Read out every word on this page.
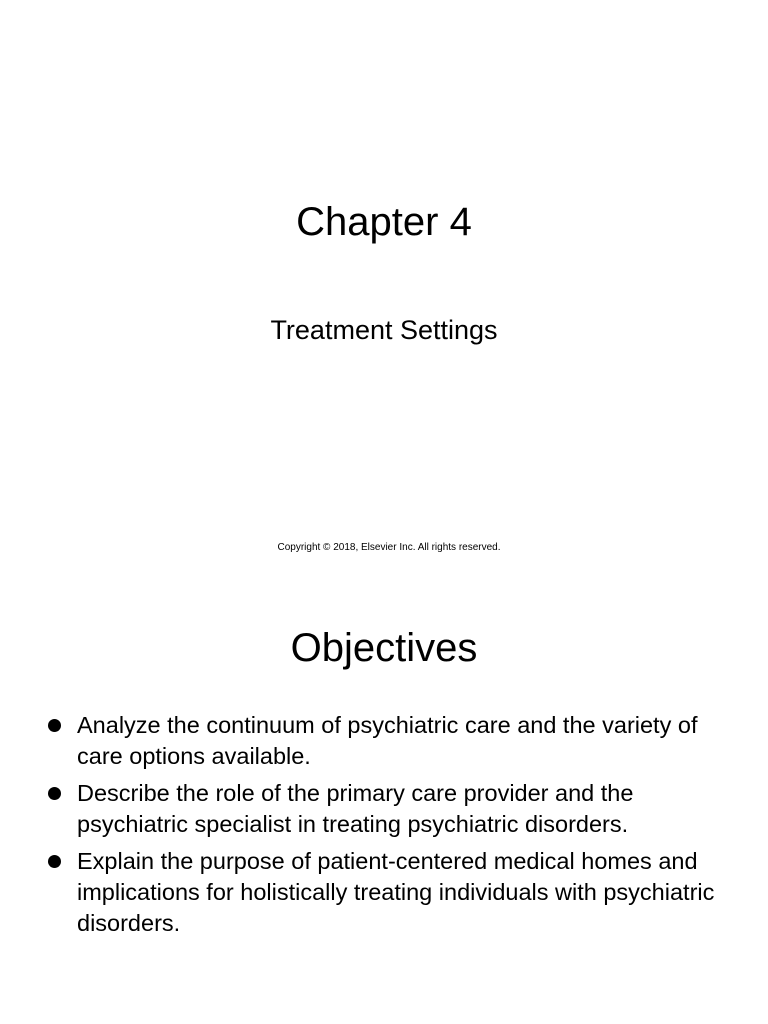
Chapter 4
Treatment Settings

Copyright © 2018, Elsevier Inc. All rights reserved.

Objectives
Analyze the continuum of psychiatric care and the variety of care options available.
Describe the role of the primary care provider and the psychiatric specialist in treating psychiatric disorders.
Explain the purpose of patient-centered medical homes and implications for holistically treating individuals with psychiatric disorders.
